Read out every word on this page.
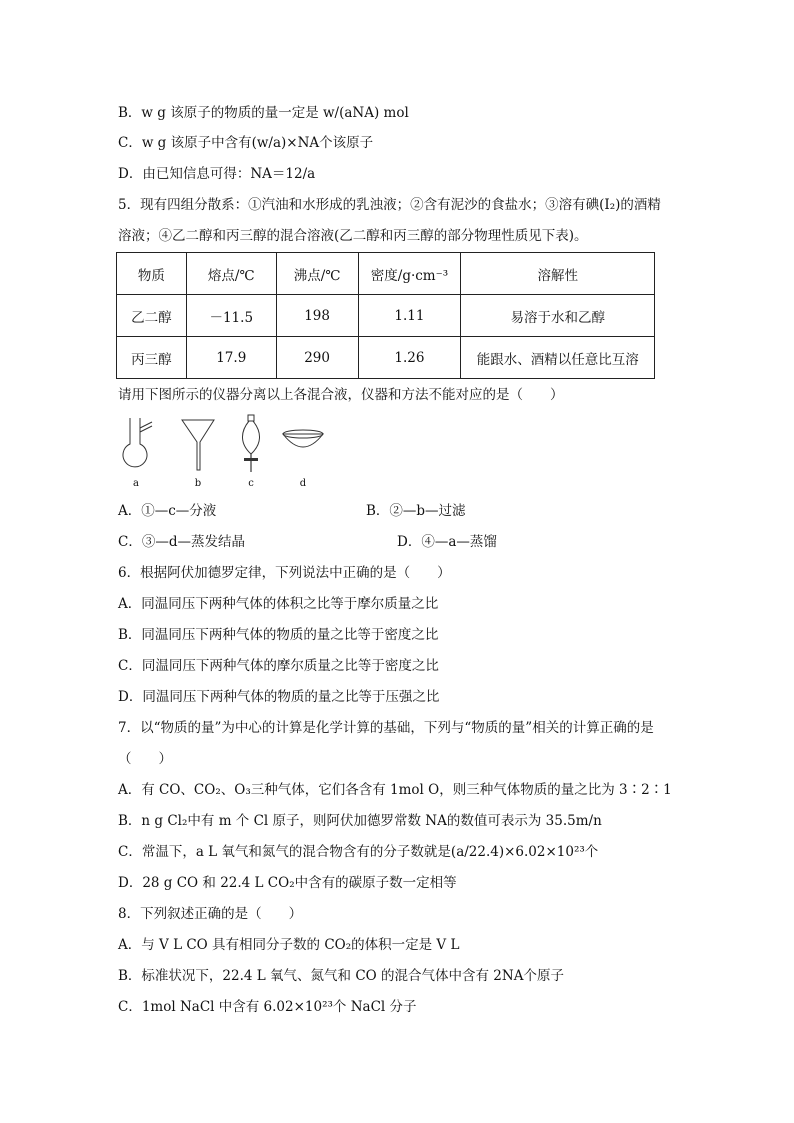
B．w g 该原子的物质的量一定是 w/(aNA) mol
C．w g 该原子中含有(w/a)×NA个该原子
D．由已知信息可得：NA＝12/a
5．现有四组分散系：①汽油和水形成的乳浊液；②含有泥沙的食盐水；③溶有碘(I₂)的酒精
溶液；④乙二醇和丙三醇的混合溶液(乙二醇和丙三醇的部分物理性质见下表)。
物质	熔点/℃	沸点/℃	密度/g·cm⁻³	溶解性
乙二醇	－11.5	198	1.11	易溶于水和乙醇
丙三醇	17.9	290	1.26	能跟水、酒精以任意比互溶
请用下图所示的仪器分离以上各混合液，仪器和方法不能对应的是（　　）
a	b	c	d
A．①—c—分液	B．②—b—过滤
C．③—d—蒸发结晶	D．④—a—蒸馏
6．根据阿伏加德罗定律，下列说法中正确的是（　　）
A．同温同压下两种气体的体积之比等于摩尔质量之比
B．同温同压下两种气体的物质的量之比等于密度之比
C．同温同压下两种气体的摩尔质量之比等于密度之比
D．同温同压下两种气体的物质的量之比等于压强之比
7．以“物质的量”为中心的计算是化学计算的基础，下列与“物质的量”相关的计算正确的是
（　　）
A．有 CO、CO₂、O₃三种气体，它们各含有 1mol O，则三种气体物质的量之比为 3∶2∶1
B．n g Cl₂中有 m 个 Cl 原子，则阿伏加德罗常数 NA的数值可表示为 35.5m/n
C．常温下，a L 氧气和氮气的混合物含有的分子数就是(a/22.4)×6.02×10²³个
D．28 g CO 和 22.4 L CO₂中含有的碳原子数一定相等
8．下列叙述正确的是（　　）
A．与 V L CO 具有相同分子数的 CO₂的体积一定是 V L
B．标准状况下，22.4 L 氧气、氮气和 CO 的混合气体中含有 2NA个原子
C．1mol NaCl 中含有 6.02×10²³个 NaCl 分子
